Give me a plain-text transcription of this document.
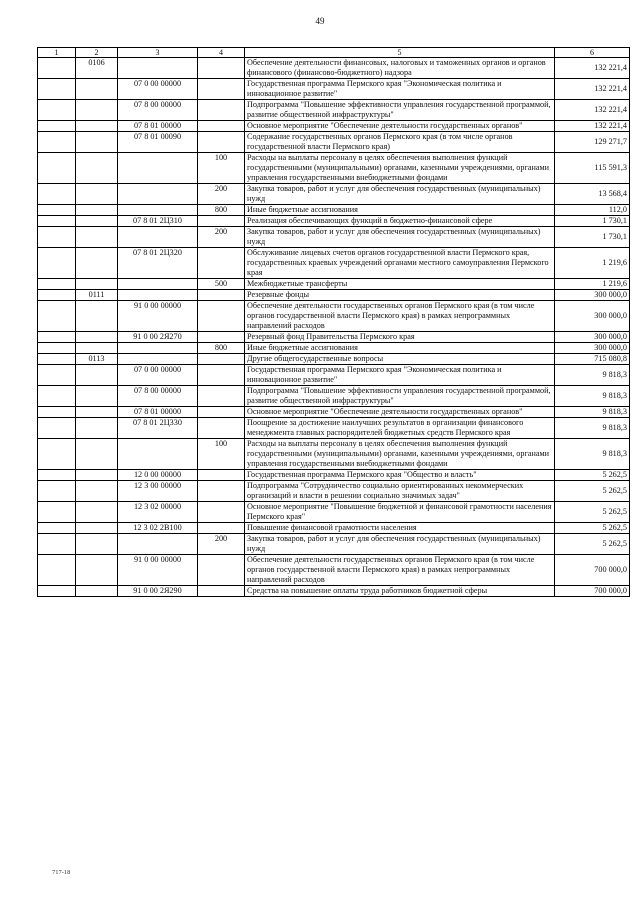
49
1	2	3	4	5	6
	0106			Обеспечение деятельности финансовых, налоговых и таможенных органов и органов финансового (финансово-бюджетного) надзора	132 221,4
		07 0 00 00000		Государственная программа Пермского края "Экономическая политика и инновационное развитие"	132 221,4
		07 8 00 00000		Подпрограмма "Повышение эффективности управления государственной программой, развитие общественной инфраструктуры"	132 221,4
		07 8 01 00000		Основное мероприятие "Обеспечение деятельности государственных органов"	132 221,4
		07 8 01 00090		Содержание государственных органов Пермского края (в том числе органов государственной власти Пермского края)	129 271,7
			100	Расходы на выплаты персоналу в целях обеспечения выполнения функций государственными (муниципальными) органами, казенными учреждениями, органами управления государственными внебюджетными фондами	115 591,3
			200	Закупка товаров, работ и услуг для обеспечения государственных (муниципальных) нужд	13 568,4
			800	Иные бюджетные ассигнования	112,0
		07 8 01 2Ц310		Реализация обеспечивающих функций в бюджетно-финансовой сфере	1 730,1
			200	Закупка товаров, работ и услуг для обеспечения государственных (муниципальных) нужд	1 730,1
		07 8 01 2Ц320		Обслуживание лицевых счетов органов государственной власти Пермского края, государственных краевых учреждений органами местного самоуправления Пермского края	1 219,6
			500	Межбюджетные трансферты	1 219,6
	0111			Резервные фонды	300 000,0
		91 0 00 00000		Обеспечение деятельности государственных органов Пермского края (в том числе органов государственной власти Пермского края) в рамках непрограммных направлений расходов	300 000,0
		91 0 00 2Я270		Резервный фонд Правительства Пермского края	300 000,0
			800	Иные бюджетные ассигнования	300 000,0
	0113			Другие общегосударственные вопросы	715 080,8
		07 0 00 00000		Государственная программа Пермского края "Экономическая политика и инновационное развитие"	9 818,3
		07 8 00 00000		Подпрограмма "Повышение эффективности управления государственной программой, развитие общественной инфраструктуры"	9 818,3
		07 8 01 00000		Основное мероприятие "Обеспечение деятельности государственных органов"	9 818,3
		07 8 01 2Ц330		Поощрение за достижение наилучших результатов в организации финансового менеджмента главных распорядителей бюджетных средств Пермского края	9 818,3
			100	Расходы на выплаты персоналу в целях обеспечения выполнения функций государственными (муниципальными) органами, казенными учреждениями, органами управления государственными внебюджетными фондами	9 818,3
		12 0 00 00000		Государственная программа Пермского края "Общество и власть"	5 262,5
		12 3 00 00000		Подпрограмма "Сотрудничество социально ориентированных некоммерческих организаций и власти в решении социально значимых задач"	5 262,5
		12 3 02 00000		Основное мероприятие "Повышение бюджетной и финансовой грамотности населения Пермского края"	5 262,5
		12 3 02 2В100		Повышение финансовой грамотности населения	5 262,5
			200	Закупка товаров, работ и услуг для обеспечения государственных (муниципальных) нужд	5 262,5
		91 0 00 00000		Обеспечение деятельности государственных органов Пермского края (в том числе органов государственной власти Пермского края) в рамках непрограммных направлений расходов	700 000,0
		91 0 00 2Я290		Средства на повышение оплаты труда работников бюджетной сферы	700 000,0
717-18
